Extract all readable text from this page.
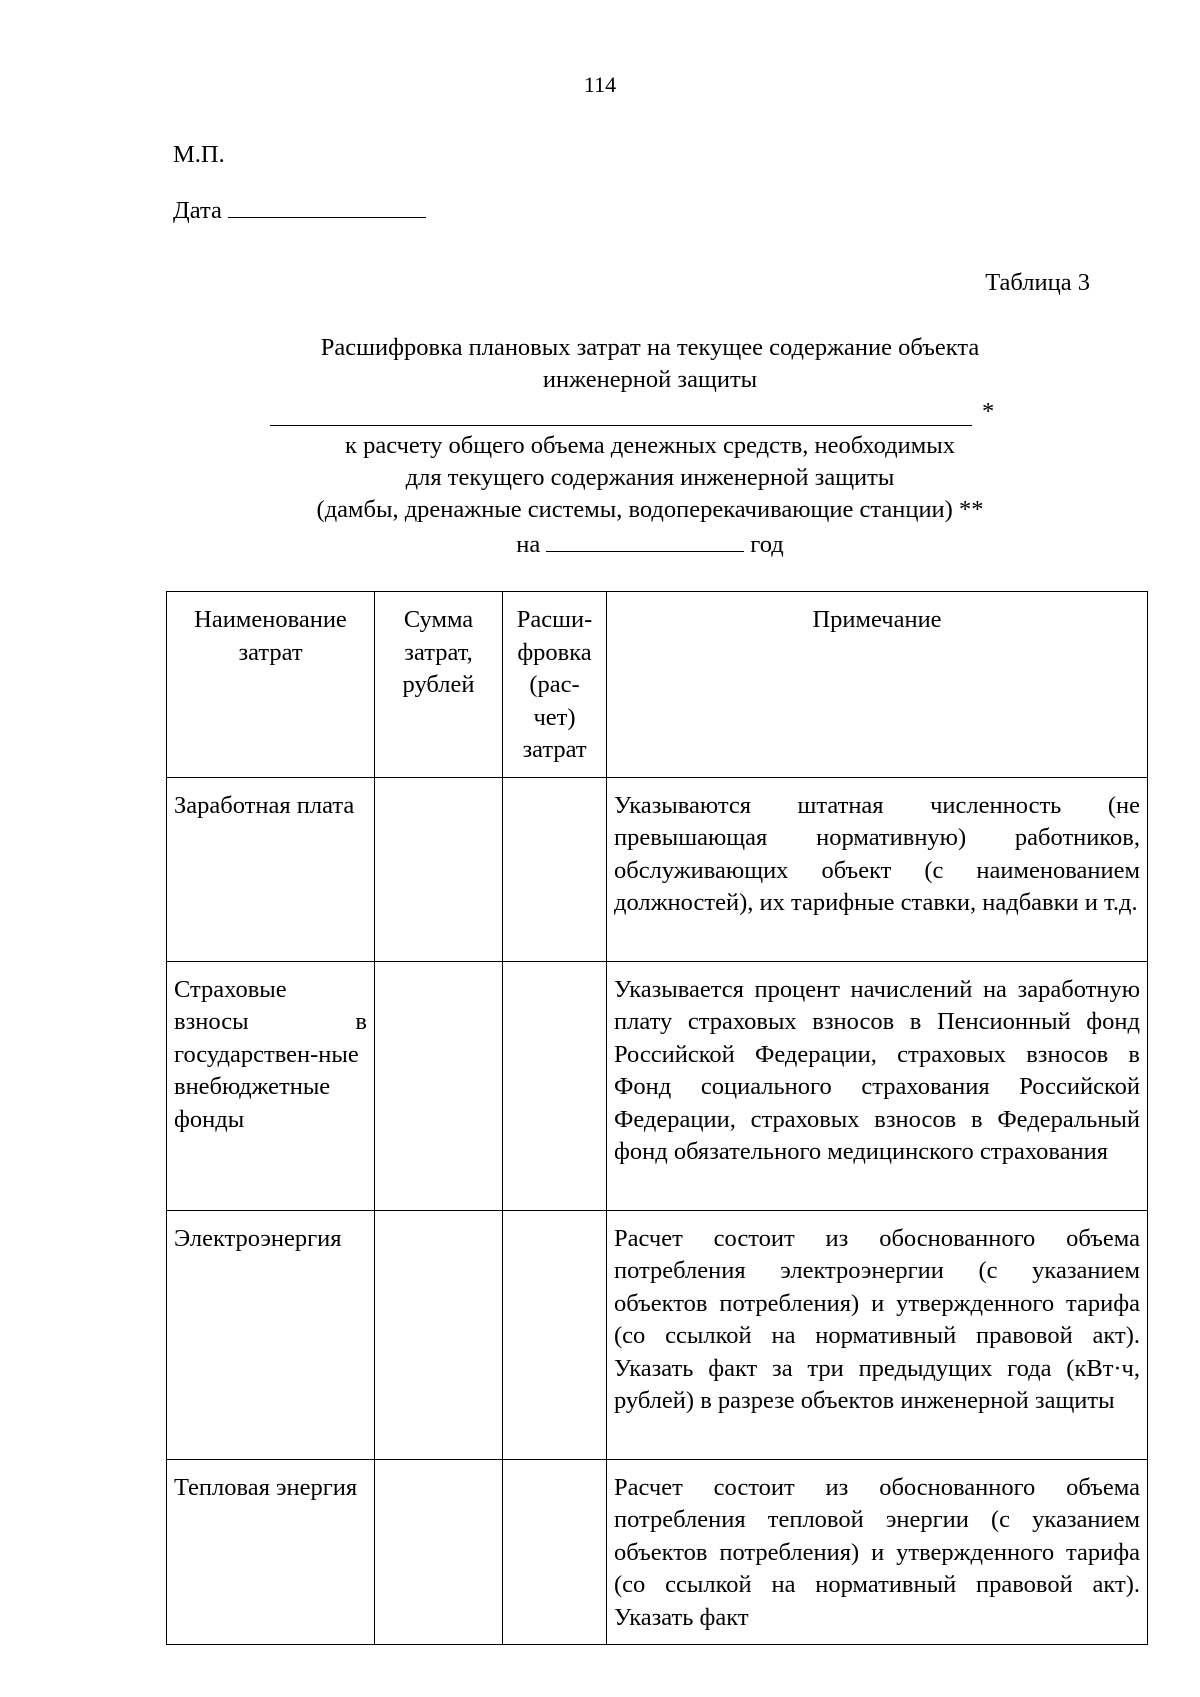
114
М.П.
Дата
Таблица 3
Расшифровка плановых затрат на текущее содержание объекта
инженерной защиты
*
к расчету общего объема денежных средств, необходимых
для текущего содержания инженерной защиты
(дамбы, дренажные системы, водоперекачивающие станции) **
на	год
Наименование затрат	Сумма затрат, рублей	Расши-фровка (рас-чет) затрат	Примечание
Заработная плата			Указываются штатная численность (не превышающая нормативную) работников, обслуживающих объект (с наименованием должностей), их тарифные ставки, надбавки и т.д.
Страховые взносы в государствен-ные внебюджетные фонды			Указывается процент начислений на заработную плату страховых взносов в Пенсионный фонд Российской Федерации, страховых взносов в Фонд социального страхования Российской Федерации, страховых взносов в Федеральный фонд обязательного медицинского страхования
Электроэнергия			Расчет состоит из обоснованного объема потребления электроэнергии (с указанием объектов потребления) и утвержденного тарифа (со ссылкой на нормативный правовой акт). Указать факт за три предыдущих года (кВт·ч, рублей) в разрезе объектов инженерной защиты
Тепловая энергия			Расчет состоит из обоснованного объема потребления тепловой энергии (с указанием объектов потребления) и утвержденного тарифа (со ссылкой на нормативный правовой акт). Указать факт
